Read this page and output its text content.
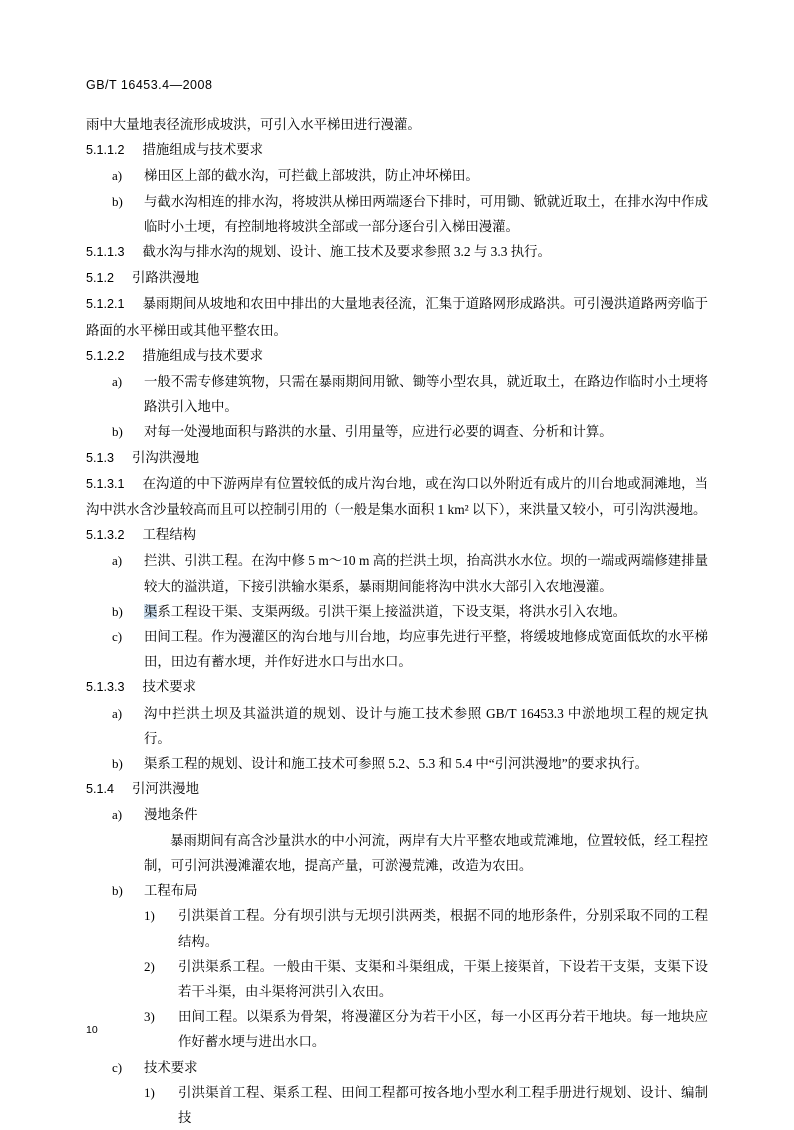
GB/T 16453.4—2008

雨中大量地表径流形成坡洪，可引入水平梯田进行漫灌。

5.1.1.2 措施组成与技术要求

a) 梯田区上部的截水沟，可拦截上部坡洪，防止冲坏梯田。

b) 与截水沟相连的排水沟，将坡洪从梯田两端逐台下排时，可用锄、锨就近取土，在排水沟中作成临时小土埂，有控制地将坡洪全部或一部分逐台引入梯田漫灌。

5.1.1.3 截水沟与排水沟的规划、设计、施工技术及要求参照 3.2 与 3.3 执行。

5.1.2 引路洪漫地

5.1.2.1 暴雨期间从坡地和农田中排出的大量地表径流，汇集于道路网形成路洪。可引漫洪道路两旁临于路面的水平梯田或其他平整农田。

5.1.2.2 措施组成与技术要求

a) 一般不需专修建筑物，只需在暴雨期间用锨、锄等小型农具，就近取土，在路边作临时小土埂将路洪引入地中。

b) 对每一处漫地面积与路洪的水量、引用量等，应进行必要的调查、分析和计算。

5.1.3 引沟洪漫地

5.1.3.1 在沟道的中下游两岸有位置较低的成片沟台地，或在沟口以外附近有成片的川台地或洞滩地，当沟中洪水含沙量较高而且可以控制引用的（一般是集水面积 1 km² 以下），来洪量又较小，可引沟洪漫地。

5.1.3.2 工程结构

a) 拦洪、引洪工程。在沟中修 5 m～10 m 高的拦洪土坝，抬高洪水水位。坝的一端或两端修建排量较大的溢洪道，下接引洪输水渠系，暴雨期间能将沟中洪水大部引入农地漫灌。

b) 渠系工程设干渠、支渠两级。引洪干渠上接溢洪道，下设支渠，将洪水引入农地。

c) 田间工程。作为漫灌区的沟台地与川台地，均应事先进行平整，将缓坡地修成宽面低坎的水平梯田，田边有蓄水埂，并作好进水口与出水口。

5.1.3.3 技术要求

a) 沟中拦洪土坝及其溢洪道的规划、设计与施工技术参照 GB/T 16453.3 中淤地坝工程的规定执行。

b) 渠系工程的规划、设计和施工技术可参照 5.2、5.3 和 5.4 中“引河洪漫地”的要求执行。

5.1.4 引河洪漫地

a) 漫地条件

暴雨期间有高含沙量洪水的中小河流，两岸有大片平整农地或荒滩地，位置较低，经工程控制，可引河洪漫滩灌农地，提高产量，可淤漫荒滩，改造为农田。

b) 工程布局

1) 引洪渠首工程。分有坝引洪与无坝引洪两类，根据不同的地形条件，分别采取不同的工程结构。

2) 引洪渠系工程。一般由干渠、支渠和斗渠组成，干渠上接渠首，下设若干支渠，支渠下设若干斗渠，由斗渠将河洪引入农田。

3) 田间工程。以渠系为骨架，将漫灌区分为若干小区，每一小区再分若干地块。每一地块应作好蓄水埂与进出水口。

c) 技术要求

1) 引洪渠首工程、渠系工程、田间工程都可按各地小型水利工程手册进行规划、设计、编制技

10
